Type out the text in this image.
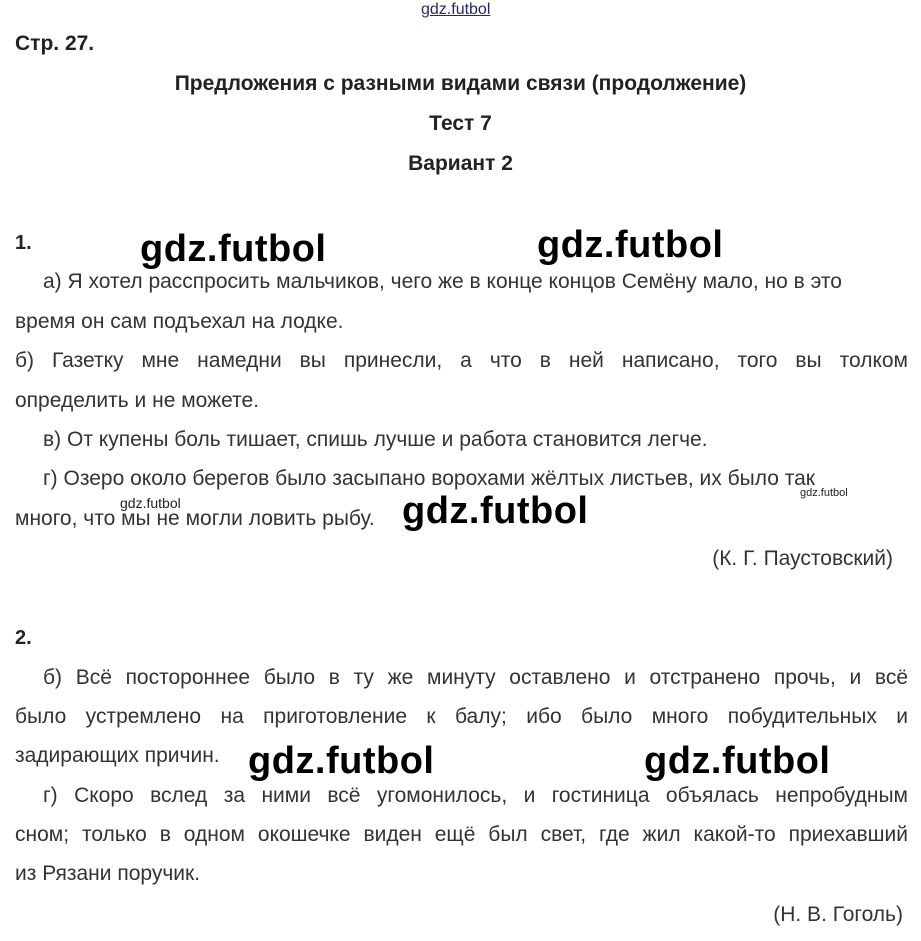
gdz.futbol
Стр. 27.
Предложения с разными видами связи (продолжение)
Тест 7
Вариант 2
1.
а) Я хотел расспросить мальчиков, чего же в конце концов Семёну мало, но в это
время он сам подъехал на лодке.
б) Газетку мне намедни вы принесли, а что в ней написано, того вы толком
определить и не можете.
в) От купены боль тишает, спишь лучше и работа становится легче.
г) Озеро около берегов было засыпано ворохами жёлтых листьев, их было так
много, что мы не могли ловить рыбу.
(К. Г. Паустовский)
2.
б) Всё постороннее было в ту же минуту оставлено и отстранено прочь, и всё
было устремлено на приготовление к балу; ибо было много побудительных и
задирающих причин.
г) Скоро вслед за ними всё угомонилось, и гостиница объялась непробудным
сном; только в одном окошечке виден ещё был свет, где жил какой-то приехавший
из Рязани поручик.
(Н. В. Гоголь)
gdz.futbol	gdz.futbol
gdz.futbol
gdz.futbol
gdz.futbol
gdz.futbol	gdz.futbol
